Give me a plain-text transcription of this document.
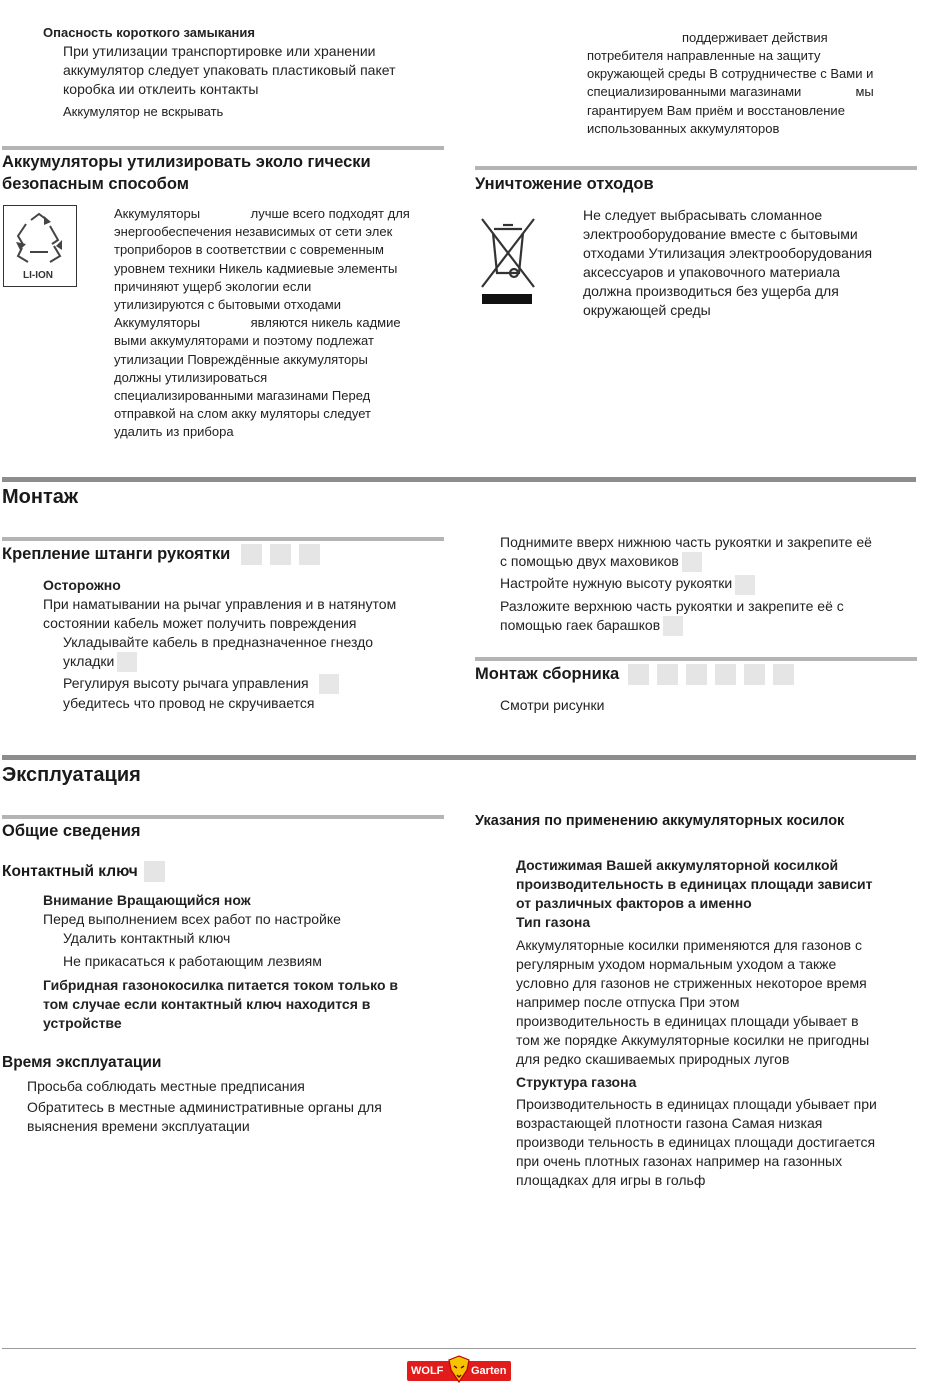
Опасность короткого замыкания
При утилизации транспортировке или хранении
аккумулятор следует упаковать пластиковый пакет
коробка ии отклеить контакты
Аккумулятор не вскрывать
поддерживает действия
потребителя направленные на защиту
окружающей среды В сотрудничестве с Вами и
специализированными магазинами               мы
гарантируем Вам приём и восстановление
использованных аккумуляторов
Аккумуляторы утилизировать эколо гически
безопасным способом
LI-ION
Аккумуляторы              лучше всего подходят для
энергообеспечения независимых от сети элек
троприборов в соответствии с современным
уровнем техники Никель кадмиевые элементы
причиняют ущерб экологии если
утилизируются с бытовыми отходами
Аккумуляторы              являются никель кадмие
выми аккумуляторами и поэтому подлежат
утилизации Повреждённые аккумуляторы
должны утилизироваться
специализированными магазинами Перед
отправкой на слом акку муляторы следует
удалить из прибора
Уничтожение отходов
Не следует выбрасывать сломанное
электрооборудование вместе с бытовыми
отходами Утилизация электрооборудования
аксессуаров и упаковочного материала
должна производиться без ущерба для
окружающей среды
Монтаж
Крепление штанги рукоятки
Осторожно
При наматывании на рычаг управления и в натянутом
состоянии кабель может получить повреждения
Укладывайте кабель в предназначенное гнездо
укладки
Регулируя высоту рычага управления
убедитесь что провод не скручивается
Поднимите вверх нижнюю часть рукоятки и закрепите её
с помощью двух маховиков
Настройте нужную высоту рукоятки
Разложите верхнюю часть рукоятки и закрепите её с
помощью гаек барашков
Монтаж сборника
Смотри рисунки
Эксплуатация
Общие сведения
Контактный ключ
Внимание Вращающийся нож
Перед выполнением всех работ по настройке
Удалить контактный ключ
Не прикасаться к работающим лезвиям
Гибридная газонокосилка питается током только в
том случае если контактный ключ находится в
устройстве
Время эксплуатации
Просьба соблюдать местные предписания
Обратитесь в местные административные органы для
выяснения времени эксплуатации
Указания по применению аккумуляторных косилок
Достижимая Вашей аккумуляторной косилкой
производительность в единицах площади зависит
от различных факторов а именно
Тип газона
Аккумуляторные косилки применяются для газонов с
регулярным уходом нормальным уходом а также
условно для газонов не стриженных некоторое время
например после отпуска При этом
производительность в единицах площади убывает в
том же порядке Аккумуляторные косилки не пригодны
для редко скашиваемых природных лугов
Структура газона
Производительность в единицах площади убывает при
возрастающей плотности газона Самая низкая
производи тельность в единицах площади достигается
при очень плотных газонах например на газонных
площадках для игры в гольф
WOLF	Garten
